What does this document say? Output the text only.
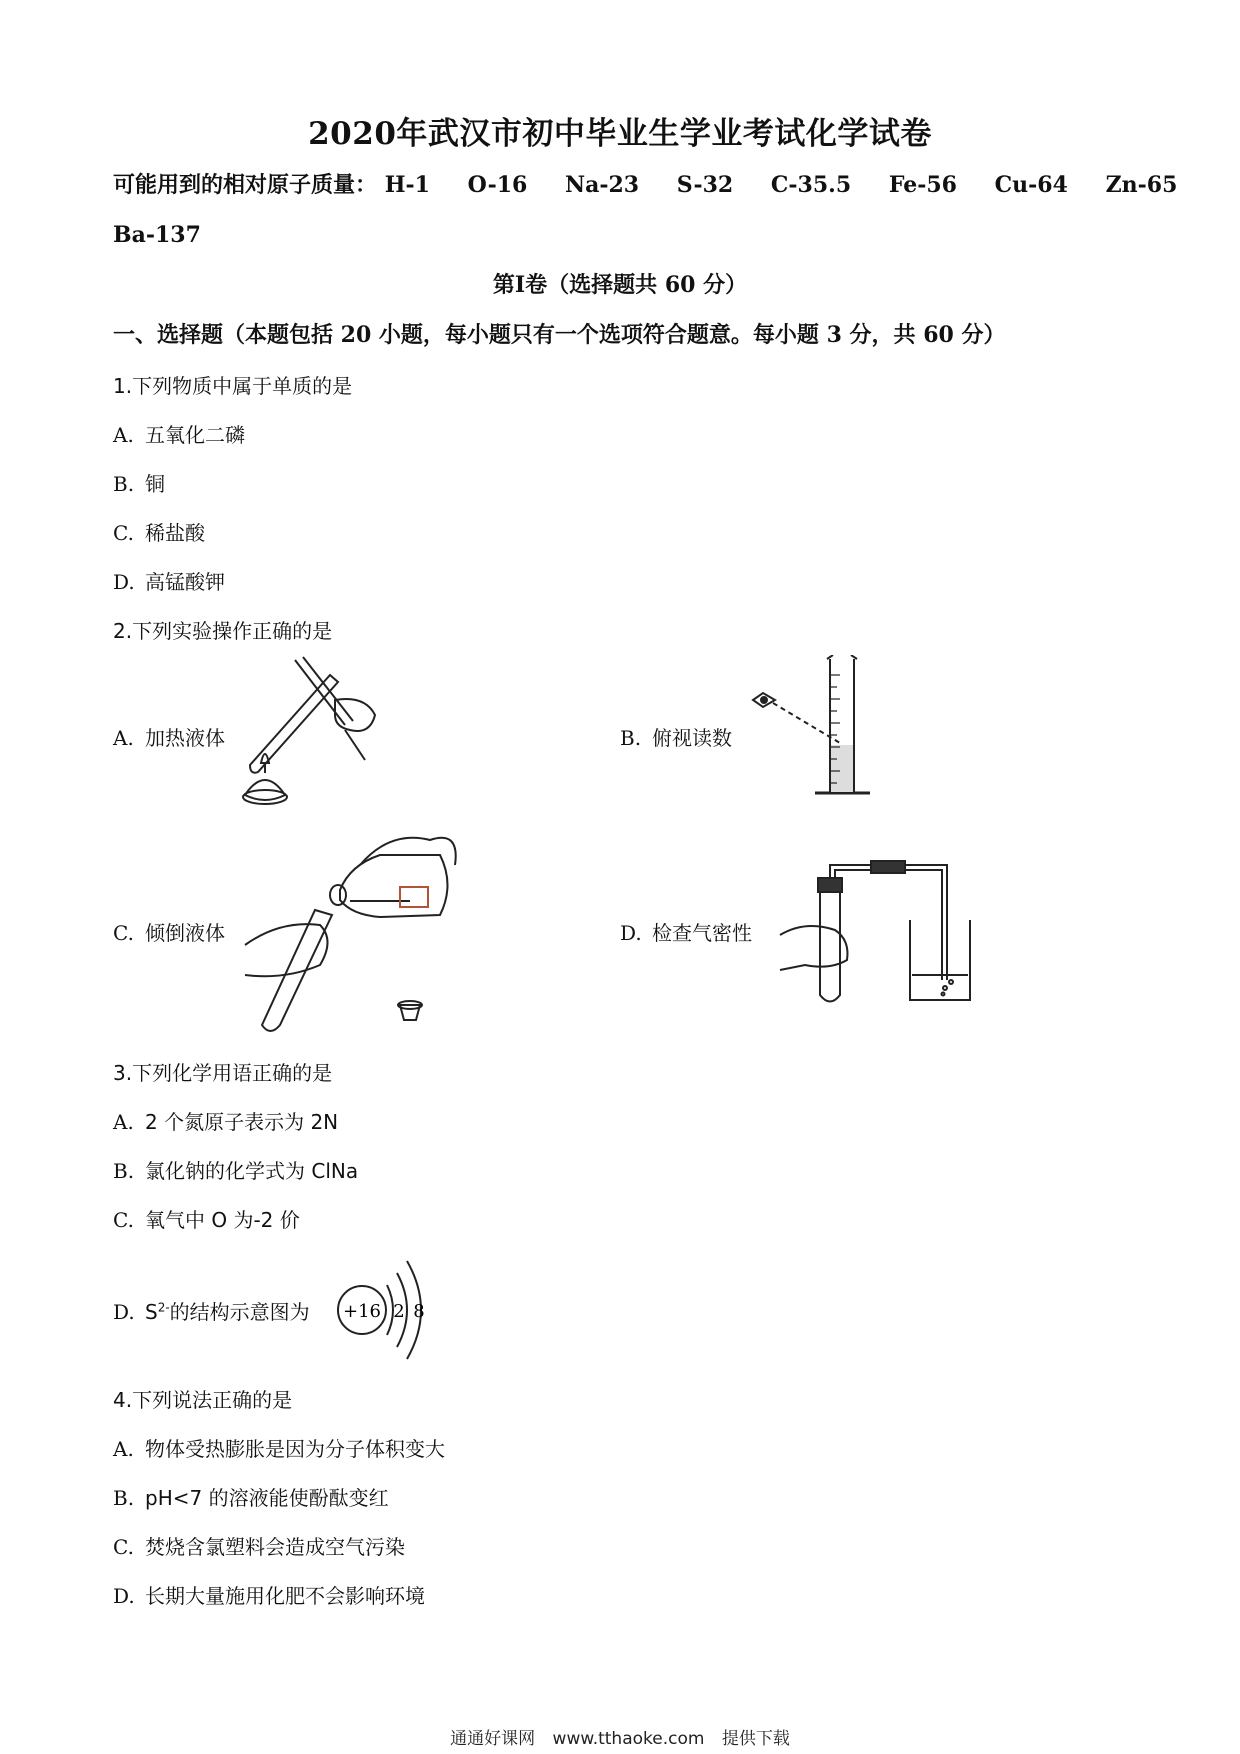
2020年武汉市初中毕业生学业考试化学试卷
可能用到的相对原子质量： H-1 O-16 Na-23 S-32 C-35.5 Fe-56 Cu-64 Zn-65
Ba-137
第Ⅰ卷（选择题共 60 分）
一、选择题（本题包括 20 小题，每小题只有一个选项符合题意。每小题 3 分，共 60 分）
1.下列物质中属于单质的是
A. 五氧化二磷
B. 铜
C. 稀盐酸
D. 高锰酸钾
2.下列实验操作正确的是
A. 加热液体	B. 俯视读数
C. 倾倒液体	D. 检查气密性
3.下列化学用语正确的是
A. 2 个氮原子表示为 2N
B. 氯化钠的化学式为 ClNa
C. 氧气中 O 为-2 价
D. $S^{2-}$的结构示意图为 +16 2 8
4.下列说法正确的是
A. 物体受热膨胀是因为分子体积变大
B. pH<7 的溶液能使酚酞变红
C. 焚烧含氯塑料会造成空气污染
D. 长期大量施用化肥不会影响环境
通通好课网 www.tthaoke.com 提供下载
